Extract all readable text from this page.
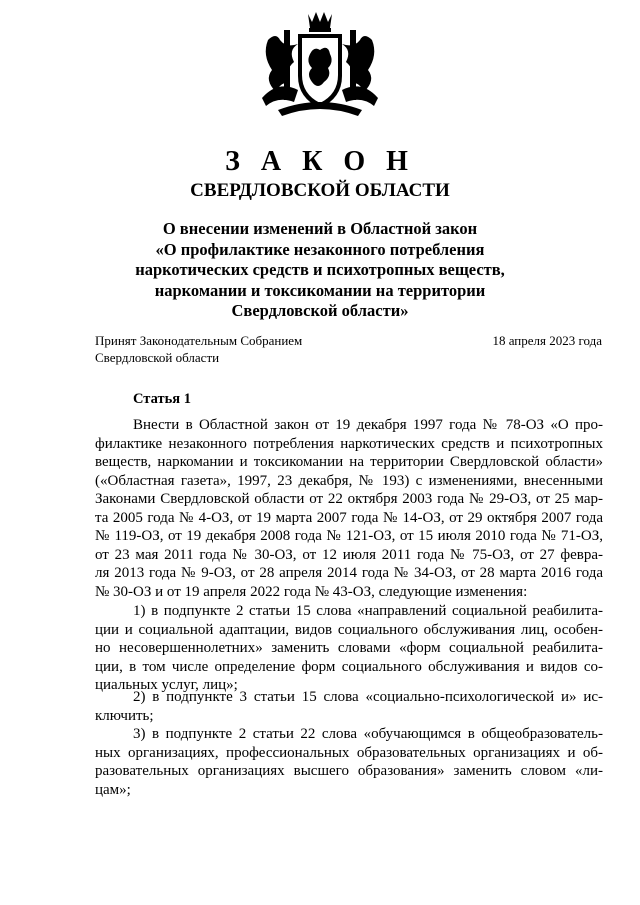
З А К О Н
СВЕРДЛОВСКОЙ ОБЛАСТИ
О внесении изменений в Областной закон
«О профилактике незаконного потребления
наркотических средств и психотропных веществ,
наркомании и токсикомании на территории
Свердловской области»
Принят Законодательным Собранием
Свердловской области
18 апреля 2023 года
Статья 1
Внести в Областной закон от 19 декабря 1997 года № 78-ОЗ «О про-
филактике незаконного потребления наркотических средств и психотропных
веществ, наркомании и токсикомании на территории Свердловской области»
(«Областная газета», 1997, 23 декабря, № 193) с изменениями, внесенными
Законами Свердловской области от 22 октября 2003 года № 29-ОЗ, от 25 мар-
та 2005 года № 4-ОЗ, от 19 марта 2007 года № 14-ОЗ, от 29 октября 2007 года
№ 119-ОЗ, от 19 декабря 2008 года № 121-ОЗ, от 15 июля 2010 года № 71-ОЗ,
от 23 мая 2011 года № 30-ОЗ, от 12 июля 2011 года № 75-ОЗ, от 27 февра-
ля 2013 года № 9-ОЗ, от 28 апреля 2014 года № 34-ОЗ, от 28 марта 2016 года
№ 30-ОЗ и от 19 апреля 2022 года № 43-ОЗ, следующие изменения:
1) в подпункте 2 статьи 15 слова «направлений социальной реабилита-
ции и социальной адаптации, видов социального обслуживания лиц, особен-
но несовершеннолетних» заменить словами «форм социальной реабилита-
ции, в том числе определение форм социального обслуживания и видов со-
циальных услуг, лиц»;
2) в подпункте 3 статьи 15 слова «социально-психологической и» ис-
ключить;
3) в подпункте 2 статьи 22 слова «обучающимся в общеобразователь-
ных организациях, профессиональных образовательных организациях и об-
разовательных организациях высшего образования» заменить словом «ли-
цам»;
